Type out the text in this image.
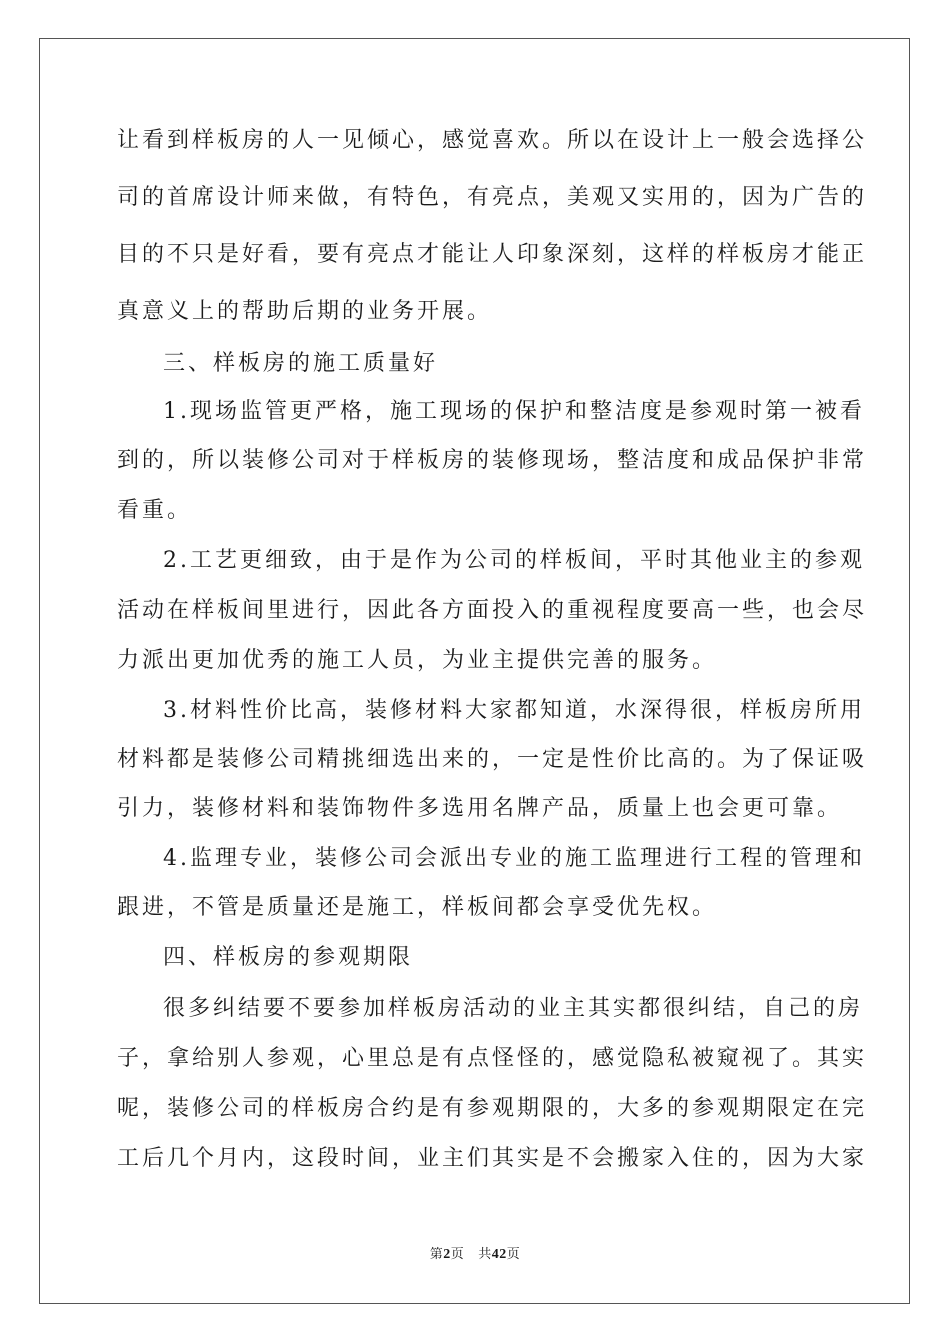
让看到样板房的人一见倾心，感觉喜欢。所以在设计上一般会选择公
司的首席设计师来做，有特色，有亮点，美观又实用的，因为广告的
目的不只是好看，要有亮点才能让人印象深刻，这样的样板房才能正
真意义上的帮助后期的业务开展。
三、样板房的施工质量好
1.现场监管更严格，施工现场的保护和整洁度是参观时第一被看
到的，所以装修公司对于样板房的装修现场，整洁度和成品保护非常
看重。
2.工艺更细致，由于是作为公司的样板间，平时其他业主的参观
活动在样板间里进行，因此各方面投入的重视程度要高一些，也会尽
力派出更加优秀的施工人员，为业主提供完善的服务。
3.材料性价比高，装修材料大家都知道，水深得很，样板房所用
材料都是装修公司精挑细选出来的，一定是性价比高的。为了保证吸
引力，装修材料和装饰物件多选用名牌产品，质量上也会更可靠。
4.监理专业，装修公司会派出专业的施工监理进行工程的管理和
跟进，不管是质量还是施工，样板间都会享受优先权。
四、样板房的参观期限
很多纠结要不要参加样板房活动的业主其实都很纠结，自己的房
子，拿给别人参观，心里总是有点怪怪的，感觉隐私被窥视了。其实
呢，装修公司的样板房合约是有参观期限的，大多的参观期限定在完
工后几个月内，这段时间，业主们其实是不会搬家入住的，因为大家
第2页 共42页
